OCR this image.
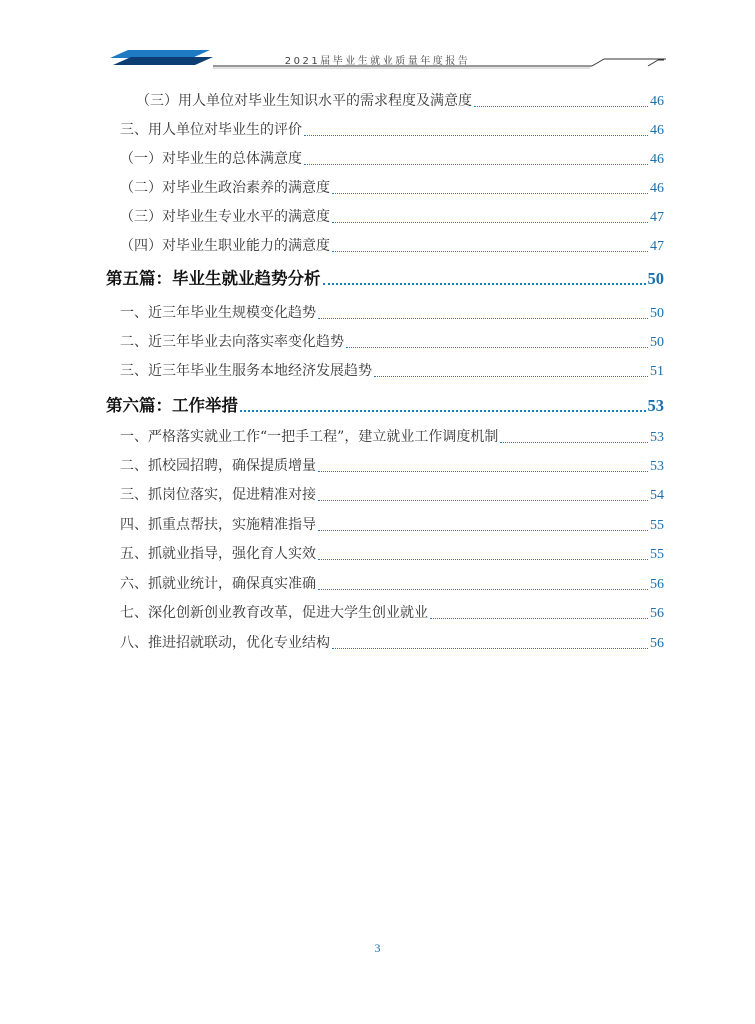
2021届毕业生就业质量年度报告
（三）用人单位对毕业生知识水平的需求程度及满意度	46
三、用人单位对毕业生的评价	46
（一）对毕业生的总体满意度	46
（二）对毕业生政治素养的满意度	46
（三）对毕业生专业水平的满意度	47
（四）对毕业生职业能力的满意度	47
第五篇：毕业生就业趋势分析	50
一、近三年毕业生规模变化趋势	50
二、近三年毕业去向落实率变化趋势	50
三、近三年毕业生服务本地经济发展趋势	51
第六篇：工作举措	53
一、严格落实就业工作“一把手工程”，建立就业工作调度机制	53
二、抓校园招聘，确保提质增量	53
三、抓岗位落实，促进精准对接	54
四、抓重点帮扶，实施精准指导	55
五、抓就业指导，强化育人实效	55
六、抓就业统计，确保真实准确	56
七、深化创新创业教育改革，促进大学生创业就业	56
八、推进招就联动，优化专业结构	56
3
